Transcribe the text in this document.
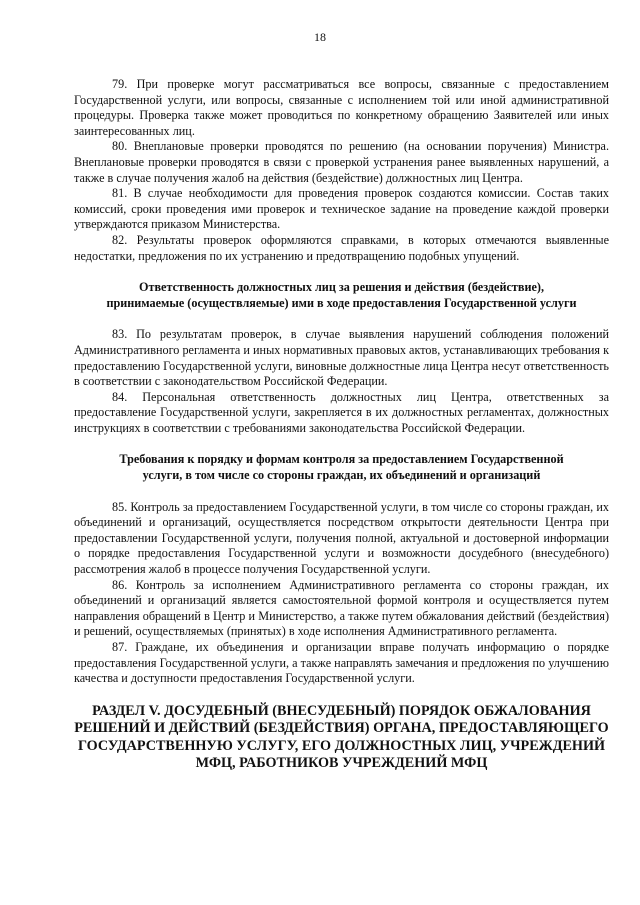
18

79. При проверке могут рассматриваться все вопросы, связанные с предоставлением Государственной услуги, или вопросы, связанные с исполнением той или иной административной процедуры. Проверка также может проводиться по конкретному обращению Заявителей или иных заинтересованных лиц.

80. Внеплановые проверки проводятся по решению (на основании поручения) Министра. Внеплановые проверки проводятся в связи с проверкой устранения ранее выявленных нарушений, а также в случае получения жалоб на действия (бездействие) должностных лиц Центра.

81. В случае необходимости для проведения проверок создаются комиссии. Состав таких комиссий, сроки проведения ими проверок и техническое задание на проведение каждой проверки утверждаются приказом Министерства.

82. Результаты проверок оформляются справками, в которых отмечаются выявленные недостатки, предложения по их устранению и предотвращению подобных упущений.

Ответственность должностных лиц за решения и действия (бездействие),
принимаемые (осуществляемые) ими в ходе предоставления Государственной услуги

83. По результатам проверок, в случае выявления нарушений соблюдения положений Административного регламента и иных нормативных правовых актов, устанавливающих требования к предоставлению Государственной услуги, виновные должностные лица Центра несут ответственность в соответствии с законодательством Российской Федерации.

84. Персональная ответственность должностных лиц Центра, ответственных за предоставление Государственной услуги, закрепляется в их должностных регламентах, должностных инструкциях в соответствии с требованиями законодательства Российской Федерации.

Требования к порядку и формам контроля за предоставлением Государственной
услуги, в том числе со стороны граждан, их объединений и организаций

85. Контроль за предоставлением Государственной услуги, в том числе со стороны граждан, их объединений и организаций, осуществляется посредством открытости деятельности Центра при предоставлении Государственной услуги, получения полной, актуальной и достоверной информации о порядке предоставления Государственной услуги и возможности досудебного (внесудебного) рассмотрения жалоб в процессе получения Государственной услуги.

86. Контроль за исполнением Административного регламента со стороны граждан, их объединений и организаций является самостоятельной формой контроля и осуществляется путем направления обращений в Центр и Министерство, а также путем обжалования действий (бездействия) и решений, осуществляемых (принятых) в ходе исполнения Административного регламента.

87. Граждане, их объединения и организации вправе получать информацию о порядке предоставления Государственной услуги, а также направлять замечания и предложения по улучшению качества и доступности предоставления Государственной услуги.

РАЗДЕЛ V. ДОСУДЕБНЫЙ (ВНЕСУДЕБНЫЙ) ПОРЯДОК ОБЖАЛОВАНИЯ
РЕШЕНИЙ И ДЕЙСТВИЙ (БЕЗДЕЙСТВИЯ) ОРГАНА, ПРЕДОСТАВЛЯЮЩЕГО
ГОСУДАРСТВЕННУЮ УСЛУГУ, ЕГО ДОЛЖНОСТНЫХ ЛИЦ, УЧРЕЖДЕНИЙ
МФЦ, РАБОТНИКОВ УЧРЕЖДЕНИЙ МФЦ
